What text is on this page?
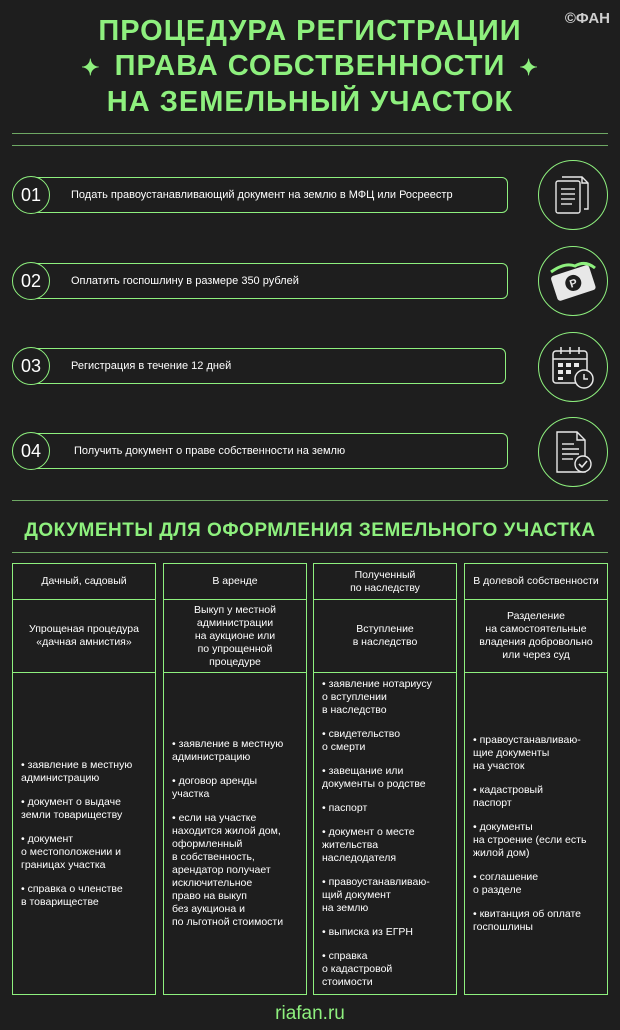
ПРОЦЕДУРА РЕГИСТРАЦИИ
✦ ПРАВА СОБСТВЕННОСТИ ✦
НА ЗЕМЕЛЬНЫЙ УЧАСТОК
©ФАН
Подать правоустанавливающий документ на землю в МФЦ или Росреестр
01
Оплатить госпошлину в размере 350 рублей
02
Регистрация в течение 12 дней
03
Получить документ о праве собственности на землю
04
Р
ДОКУМЕНТЫ ДЛЯ ОФОРМЛЕНИЯ ЗЕМЕЛЬНОГО УЧАСТКА
Дачный, садовый
Упрощеная процедура
«дачная амнистия»
• заявление в местную
администрацию
• документ о выдаче
земли товариществу
• документ
о местоположении и
границах участка
• справка о членстве
в товариществе
В аренде
Выкуп у местной
администрации
на аукционе или
по упрощенной
процедуре
• заявление в местную
администрацию
• договор аренды
участка
• если на участке
находится жилой дом,
оформленный
в собственность,
арендатор получает
исключительное
право на выкуп
без аукциона и
по льготной стоимости
Полученный
по наследству
Вступление
в наследство
• заявление нотариусу
о вступлении
в наследство
• свидетельство
о смерти
• завещание или
документы о родстве
• паспорт
• документ о месте
жительства
наследодателя
• правоустанавливаю-
щий документ
на землю
• выписка из ЕГРН
• справка
о кадастровой
стоимости
В долевой собственности
Разделение
на самостоятельные
владения добровольно
или через суд
• правоустанавливаю-
щие документы
на участок
• кадастровый
паспорт
• документы
на строение (если есть
жилой дом)
• соглашение
о разделе
• квитанция об оплате
госпошлины
riafan.ru
